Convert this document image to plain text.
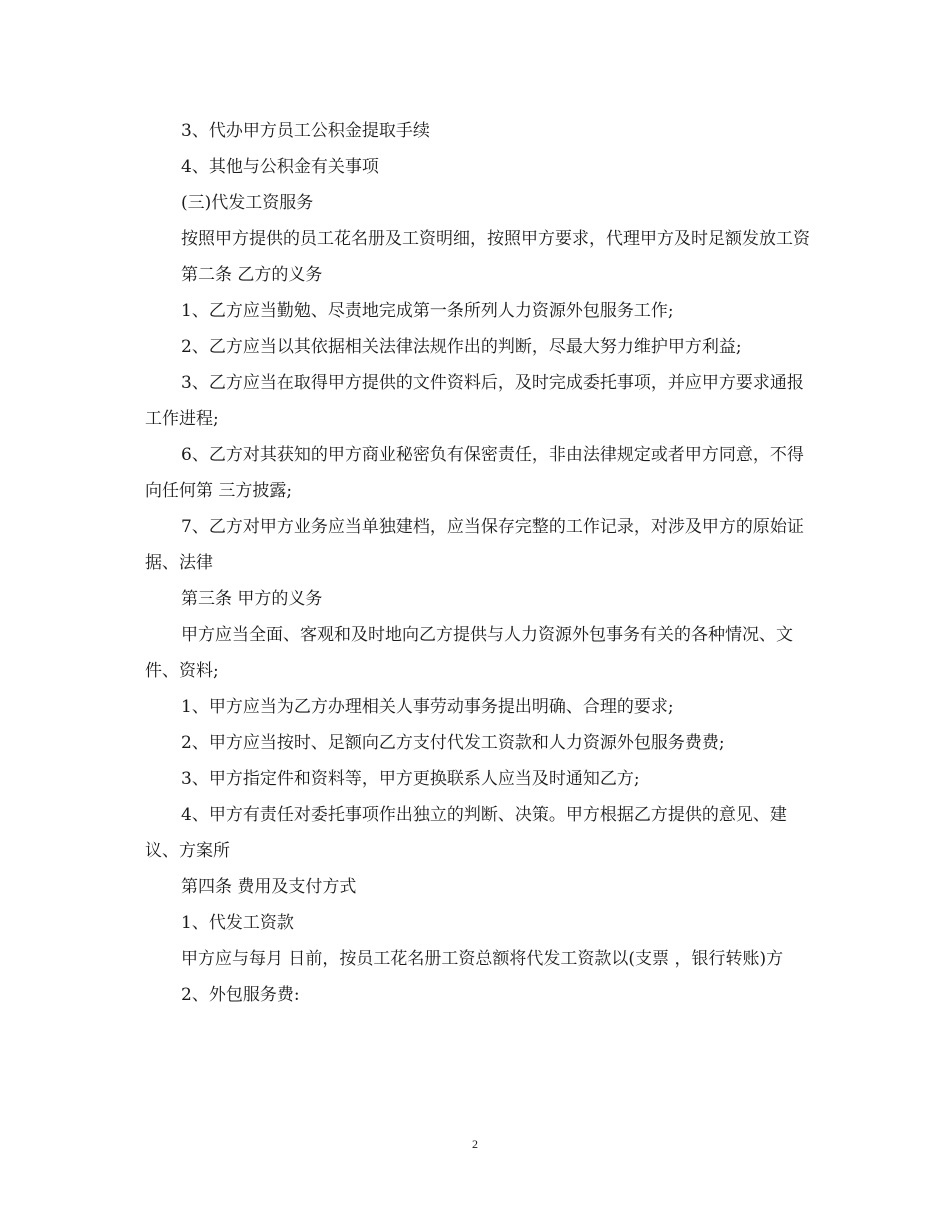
3、代办甲方员工公积金提取手续

4、其他与公积金有关事项

(三)代发工资服务

按照甲方提供的员工花名册及工资明细，按照甲方要求，代理甲方及时足额发放工资

第二条 乙方的义务

1、乙方应当勤勉、尽责地完成第一条所列人力资源外包服务工作;

2、乙方应当以其依据相关法律法规作出的判断，尽最大努力维护甲方利益;

3、乙方应当在取得甲方提供的文件资料后，及时完成委托事项，并应甲方要求通报工作进程;

6、乙方对其获知的甲方商业秘密负有保密责任，非由法律规定或者甲方同意，不得向任何第 三方披露;

7、乙方对甲方业务应当单独建档，应当保存完整的工作记录，对涉及甲方的原始证据、法律

第三条 甲方的义务

甲方应当全面、客观和及时地向乙方提供与人力资源外包事务有关的各种情况、文件、资料;

1、甲方应当为乙方办理相关人事劳动事务提出明确、合理的要求;

2、甲方应当按时、足额向乙方支付代发工资款和人力资源外包服务费费;

3、甲方指定件和资料等，甲方更换联系人应当及时通知乙方;

4、甲方有责任对委托事项作出独立的判断、决策。甲方根据乙方提供的意见、建议、方案所

第四条 费用及支付方式

1、代发工资款

甲方应与每月 日前，按员工花名册工资总额将代发工资款以(支票 ，银行转账)方

2、外包服务费:

2
